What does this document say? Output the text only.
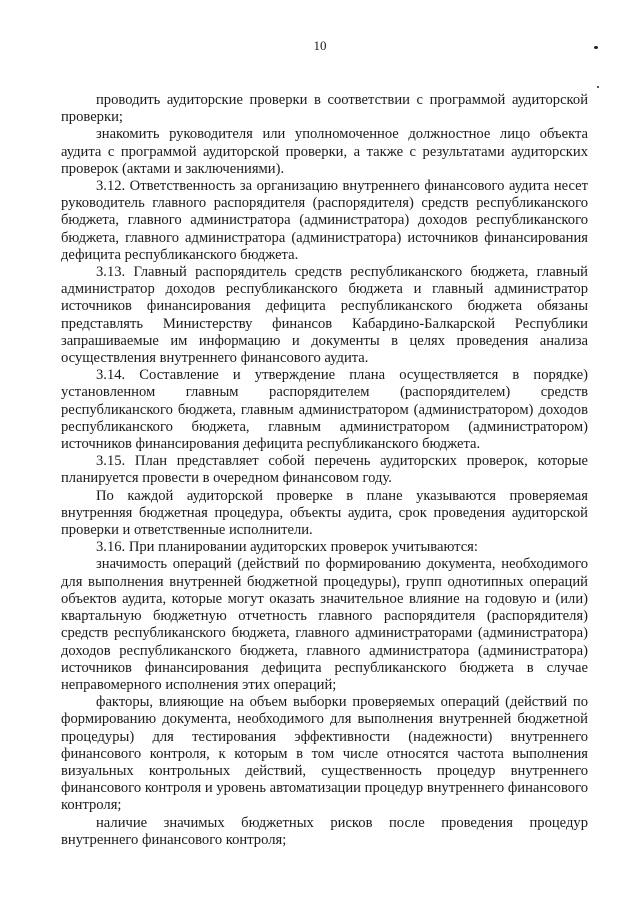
10

проводить аудиторские проверки в соответствии с программой аудиторской проверки;

знакомить руководителя или уполномоченное должностное лицо объекта аудита с программой аудиторской проверки, а также с результатами аудиторских проверок (актами и заключениями).

3.12. Ответственность за организацию внутреннего финансового аудита несет руководитель главного распорядителя (распорядителя) средств республиканского бюджета, главного администратора (администратора) доходов республиканского бюджета, главного администратора (администратора) источников финансирования дефицита республиканского бюджета.

3.13. Главный распорядитель средств республиканского бюджета, главный администратор доходов республиканского бюджета и главный администратор источников финансирования дефицита республиканского бюджета обязаны представлять Министерству финансов Кабардино-Балкарской Республики запрашиваемые им информацию и документы в целях проведения анализа осуществления внутреннего финансового аудита.

3.14. Составление и утверждение плана осуществляется в порядке) установленном главным распорядителем (распорядителем) средств республиканского бюджета, главным администратором (администратором) доходов республиканского бюджета, главным администратором (администратором) источников финансирования дефицита республиканского бюджета.

3.15. План представляет собой перечень аудиторских проверок, которые планируется провести в очередном финансовом году.

По каждой аудиторской проверке в плане указываются проверяемая внутренняя бюджетная процедура, объекты аудита, срок проведения аудиторской проверки и ответственные исполнители.

3.16. При планировании аудиторских проверок учитываются:

значимость операций (действий по формированию документа, необходимого для выполнения внутренней бюджетной процедуры), групп однотипных операций объектов аудита, которые могут оказать значительное влияние на годовую и (или) квартальную бюджетную отчетность главного распорядителя (распорядителя) средств республиканского бюджета, главного администраторами (администратора) доходов республиканского бюджета, главного администратора (администратора) источников финансирования дефицита республиканского бюджета в случае неправомерного исполнения этих операций;

факторы, влияющие на объем выборки проверяемых операций (действий по формированию документа, необходимого для выполнения внутренней бюджетной процедуры) для тестирования эффективности (надежности) внутреннего финансового контроля, к которым в том числе относятся частота выполнения визуальных контрольных действий, существенность процедур внутреннего финансового контроля и уровень автоматизации процедур внутреннего финансового контроля;

наличие значимых бюджетных рисков после проведения процедур внутреннего финансового контроля;
